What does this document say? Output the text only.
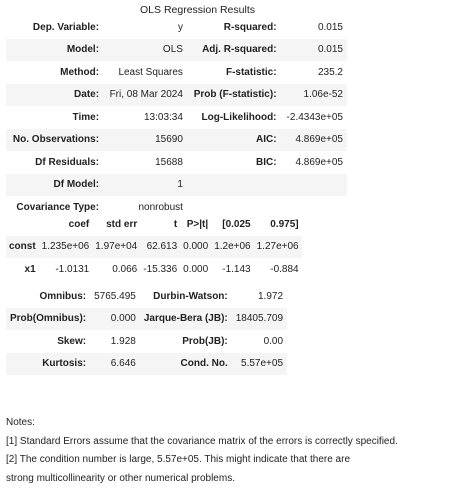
OLS Regression Results
Dep. Variable:	y	R-squared:	0.015
Model:	OLS	Adj. R-squared:	0.015
Method:	Least Squares	F-statistic:	235.2
Date:	Fri, 08 Mar 2024	Prob (F-statistic):	1.06e-52
Time:	13:03:34	Log-Likelihood:	-2.4343e+05
No. Observations:	15690	AIC:	4.869e+05
Df Residuals:	15688	BIC:	4.869e+05
Df Model:	1		
Covariance Type:	nonrobust		
	coef	std err	t	P>|t|	[0.025	0.975]
const	1.235e+06	1.97e+04	62.613	0.000	1.2e+06	1.27e+06
x1	-1.0131	0.066	-15.336	0.000	-1.143	-0.884
Omnibus:	5765.495	Durbin-Watson:	1.972
Prob(Omnibus):	0.000	Jarque-Bera (JB):	18405.709
Skew:	1.928	Prob(JB):	0.00
Kurtosis:	6.646	Cond. No.	5.57e+05
Notes:
[1] Standard Errors assume that the covariance matrix of the errors is correctly specified.
[2] The condition number is large, 5.57e+05. This might indicate that there are
strong multicollinearity or other numerical problems.
